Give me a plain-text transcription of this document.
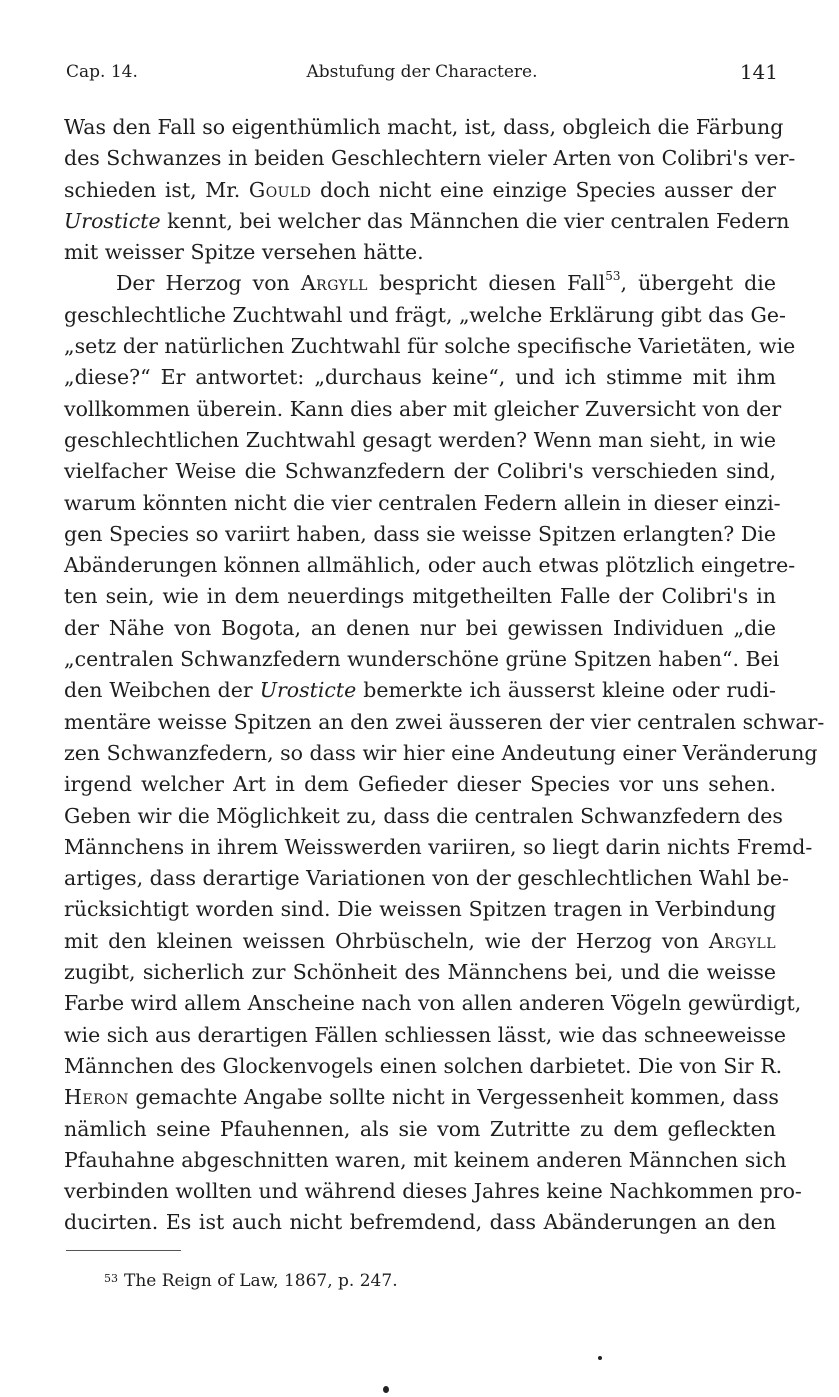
Cap. 14.	Abstufung der Charactere.	141
Was den Fall so eigenthümlich macht, ist, dass, obgleich die Färbung
des Schwanzes in beiden Geschlechtern vieler Arten von Colibri's ver-
schieden ist, Mr. Gould doch nicht eine einzige Species ausser der
Urosticte kennt, bei welcher das Männchen die vier centralen Federn
mit weisser Spitze versehen hätte.
Der Herzog von Argyll bespricht diesen Fall$^{53}$, übergeht die
geschlechtliche Zuchtwahl und frägt, „welche Erklärung gibt das Ge-
„setz der natürlichen Zuchtwahl für solche specifische Varietäten, wie
„diese?“ Er antwortet: „durchaus keine“, und ich stimme mit ihm
vollkommen überein. Kann dies aber mit gleicher Zuversicht von der
geschlechtlichen Zuchtwahl gesagt werden? Wenn man sieht, in wie
vielfacher Weise die Schwanzfedern der Colibri's verschieden sind,
warum könnten nicht die vier centralen Federn allein in dieser einzi-
gen Species so variirt haben, dass sie weisse Spitzen erlangten? Die
Abänderungen können allmählich, oder auch etwas plötzlich eingetre-
ten sein, wie in dem neuerdings mitgetheilten Falle der Colibri's in
der Nähe von Bogota, an denen nur bei gewissen Individuen „die
„centralen Schwanzfedern wunderschöne grüne Spitzen haben“. Bei
den Weibchen der Urosticte bemerkte ich äusserst kleine oder rudi-
mentäre weisse Spitzen an den zwei äusseren der vier centralen schwar-
zen Schwanzfedern, so dass wir hier eine Andeutung einer Veränderung
irgend welcher Art in dem Gefieder dieser Species vor uns sehen.
Geben wir die Möglichkeit zu, dass die centralen Schwanzfedern des
Männchens in ihrem Weisswerden variiren, so liegt darin nichts Fremd-
artiges, dass derartige Variationen von der geschlechtlichen Wahl be-
rücksichtigt worden sind. Die weissen Spitzen tragen in Verbindung
mit den kleinen weissen Ohrbüscheln, wie der Herzog von Argyll
zugibt, sicherlich zur Schönheit des Männchens bei, und die weisse
Farbe wird allem Anscheine nach von allen anderen Vögeln gewürdigt,
wie sich aus derartigen Fällen schliessen lässt, wie das schneeweisse
Männchen des Glockenvogels einen solchen darbietet. Die von Sir R.
Heron gemachte Angabe sollte nicht in Vergessenheit kommen, dass
nämlich seine Pfauhennen, als sie vom Zutritte zu dem gefleckten
Pfauhahne abgeschnitten waren, mit keinem anderen Männchen sich
verbinden wollten und während dieses Jahres keine Nachkommen pro-
ducirten. Es ist auch nicht befremdend, dass Abänderungen an den
$^{53}$ The Reign of Law, 1867, p. 247.
